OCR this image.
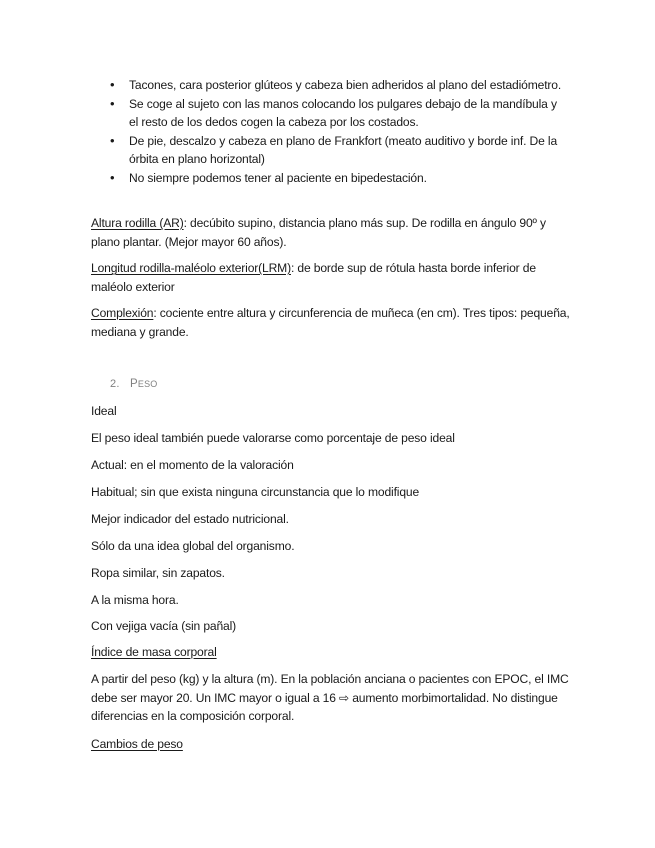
• Tacones, cara posterior glúteos y cabeza bien adheridos al plano del estadiómetro.
• Se coge al sujeto con las manos colocando los pulgares debajo de la mandíbula y el resto de los dedos cogen la cabeza por los costados.
• De pie, descalzo y cabeza en plano de Frankfort (meato auditivo y borde inf. De la órbita en plano horizontal)
• No siempre podemos tener al paciente en bipedestación.
Altura rodilla (AR): decúbito supino, distancia plano más sup. De rodilla en ángulo 90º y plano plantar. (Mejor mayor 60 años).
Longitud rodilla-maléolo exterior(LRM): de borde sup de rótula hasta borde inferior de maléolo exterior
Complexión: cociente entre altura y circunferencia de muñeca (en cm). Tres tipos: pequeña, mediana y grande.
2. PESO
Ideal
El peso ideal también puede valorarse como porcentaje de peso ideal
Actual: en el momento de la valoración
Habitual; sin que exista ninguna circunstancia que lo modifique
Mejor indicador del estado nutricional.
Sólo da una idea global del organismo.
Ropa similar, sin zapatos.
A la misma hora.
Con vejiga vacía (sin pañal)
Índice de masa corporal
A partir del peso (kg) y la altura (m). En la población anciana o pacientes con EPOC, el IMC debe ser mayor 20. Un IMC mayor o igual a 16 ⇨ aumento morbimortalidad. No distingue diferencias en la composición corporal.
Cambios de peso
